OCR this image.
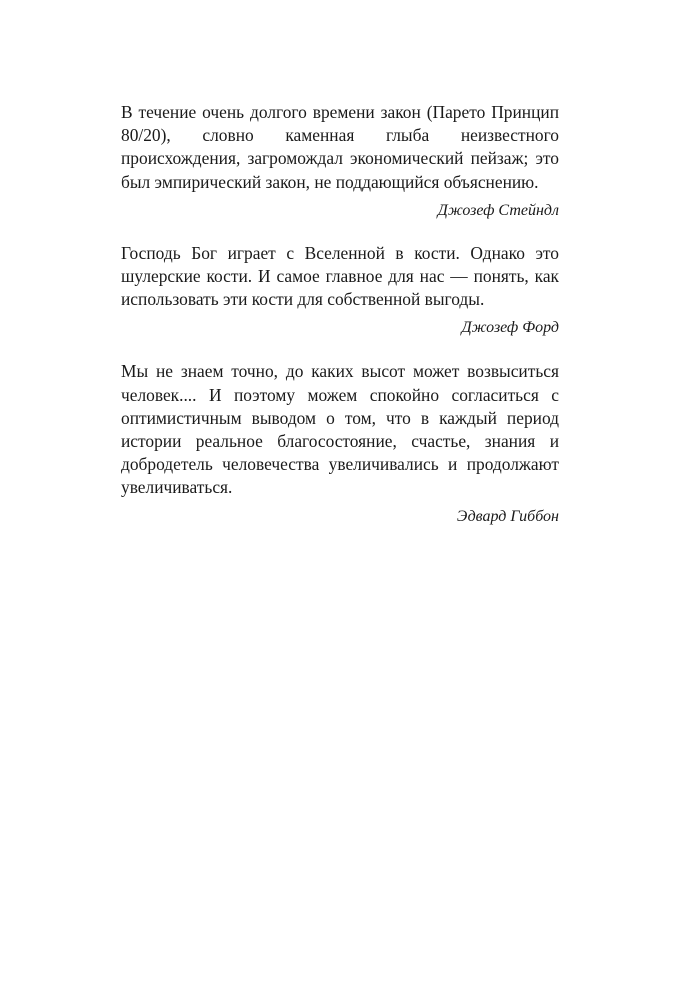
В течение очень долгого времени закон (Парето Принцип 80/20), словно каменная глыба неизвестного происхождения, загромождал экономический пейзаж; это был эмпирический закон, не поддающийся объяснению.

Джозеф Стейндл

Господь Бог играет с Вселенной в кости. Однако это шулерские кости. И самое главное для нас — понять, как использовать эти кости для собственной выгоды.

Джозеф Форд

Мы не знаем точно, до каких высот может возвыситься человек.... И поэтому можем спокойно согласиться с оптимистичным выводом о том, что в каждый период истории реальное благосостояние, счастье, знания и добродетель человечества увеличивались и продолжают увеличиваться.

Эдвард Гиббон
